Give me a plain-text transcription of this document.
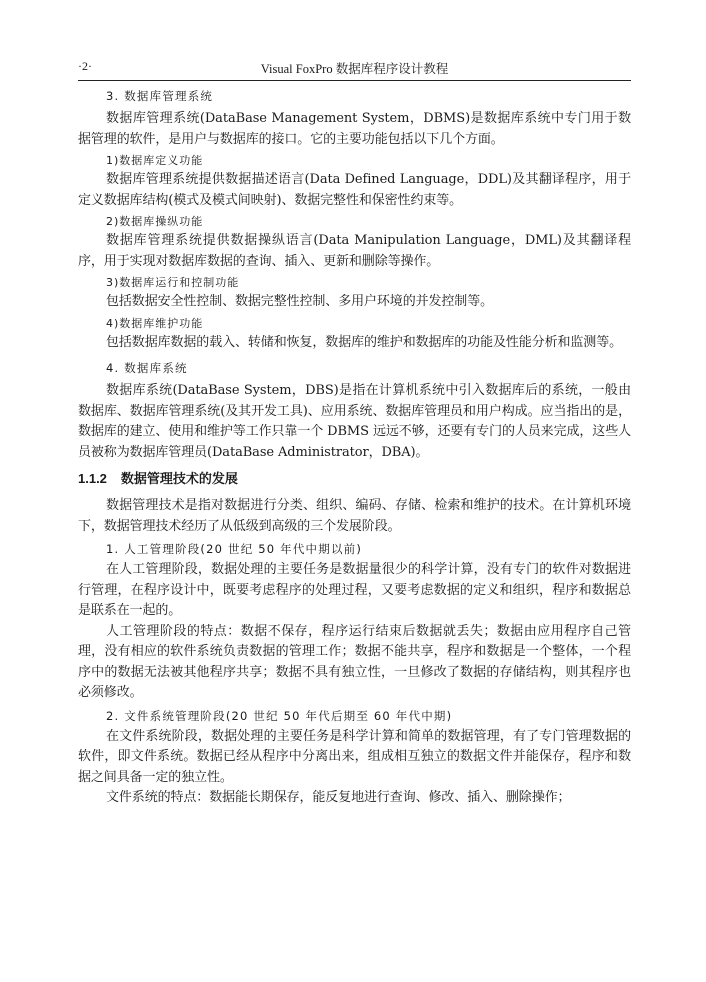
·2·	Visual FoxPro 数据库程序设计教程

3. 数据库管理系统

数据库管理系统(DataBase Management System，DBMS)是数据库系统中专门用于数据管理的软件，是用户与数据库的接口。它的主要功能包括以下几个方面。

1)数据库定义功能

数据库管理系统提供数据描述语言(Data Defined Language，DDL)及其翻译程序，用于定义数据库结构(模式及模式间映射)、数据完整性和保密性约束等。

2)数据库操纵功能

数据库管理系统提供数据操纵语言(Data Manipulation Language，DML)及其翻译程序，用于实现对数据库数据的查询、插入、更新和删除等操作。

3)数据库运行和控制功能

包括数据安全性控制、数据完整性控制、多用户环境的并发控制等。

4)数据库维护功能

包括数据库数据的载入、转储和恢复，数据库的维护和数据库的功能及性能分析和监测等。

4. 数据库系统

数据库系统(DataBase System，DBS)是指在计算机系统中引入数据库后的系统，一般由数据库、数据库管理系统(及其开发工具)、应用系统、数据库管理员和用户构成。应当指出的是，数据库的建立、使用和维护等工作只靠一个 DBMS 远远不够，还要有专门的人员来完成，这些人员被称为数据库管理员(DataBase Administrator，DBA)。

1.1.2 数据管理技术的发展

数据管理技术是指对数据进行分类、组织、编码、存储、检索和维护的技术。在计算机环境下，数据管理技术经历了从低级到高级的三个发展阶段。

1. 人工管理阶段(20 世纪 50 年代中期以前)

在人工管理阶段，数据处理的主要任务是数据量很少的科学计算，没有专门的软件对数据进行管理，在程序设计中，既要考虑程序的处理过程，又要考虑数据的定义和组织，程序和数据总是联系在一起的。

人工管理阶段的特点：数据不保存，程序运行结束后数据就丢失；数据由应用程序自己管理，没有相应的软件系统负责数据的管理工作；数据不能共享，程序和数据是一个整体，一个程序中的数据无法被其他程序共享；数据不具有独立性，一旦修改了数据的存储结构，则其程序也必须修改。

2. 文件系统管理阶段(20 世纪 50 年代后期至 60 年代中期)

在文件系统阶段，数据处理的主要任务是科学计算和简单的数据管理，有了专门管理数据的软件，即文件系统。数据已经从程序中分离出来，组成相互独立的数据文件并能保存，程序和数据之间具备一定的独立性。

文件系统的特点：数据能长期保存，能反复地进行查询、修改、插入、删除操作；
